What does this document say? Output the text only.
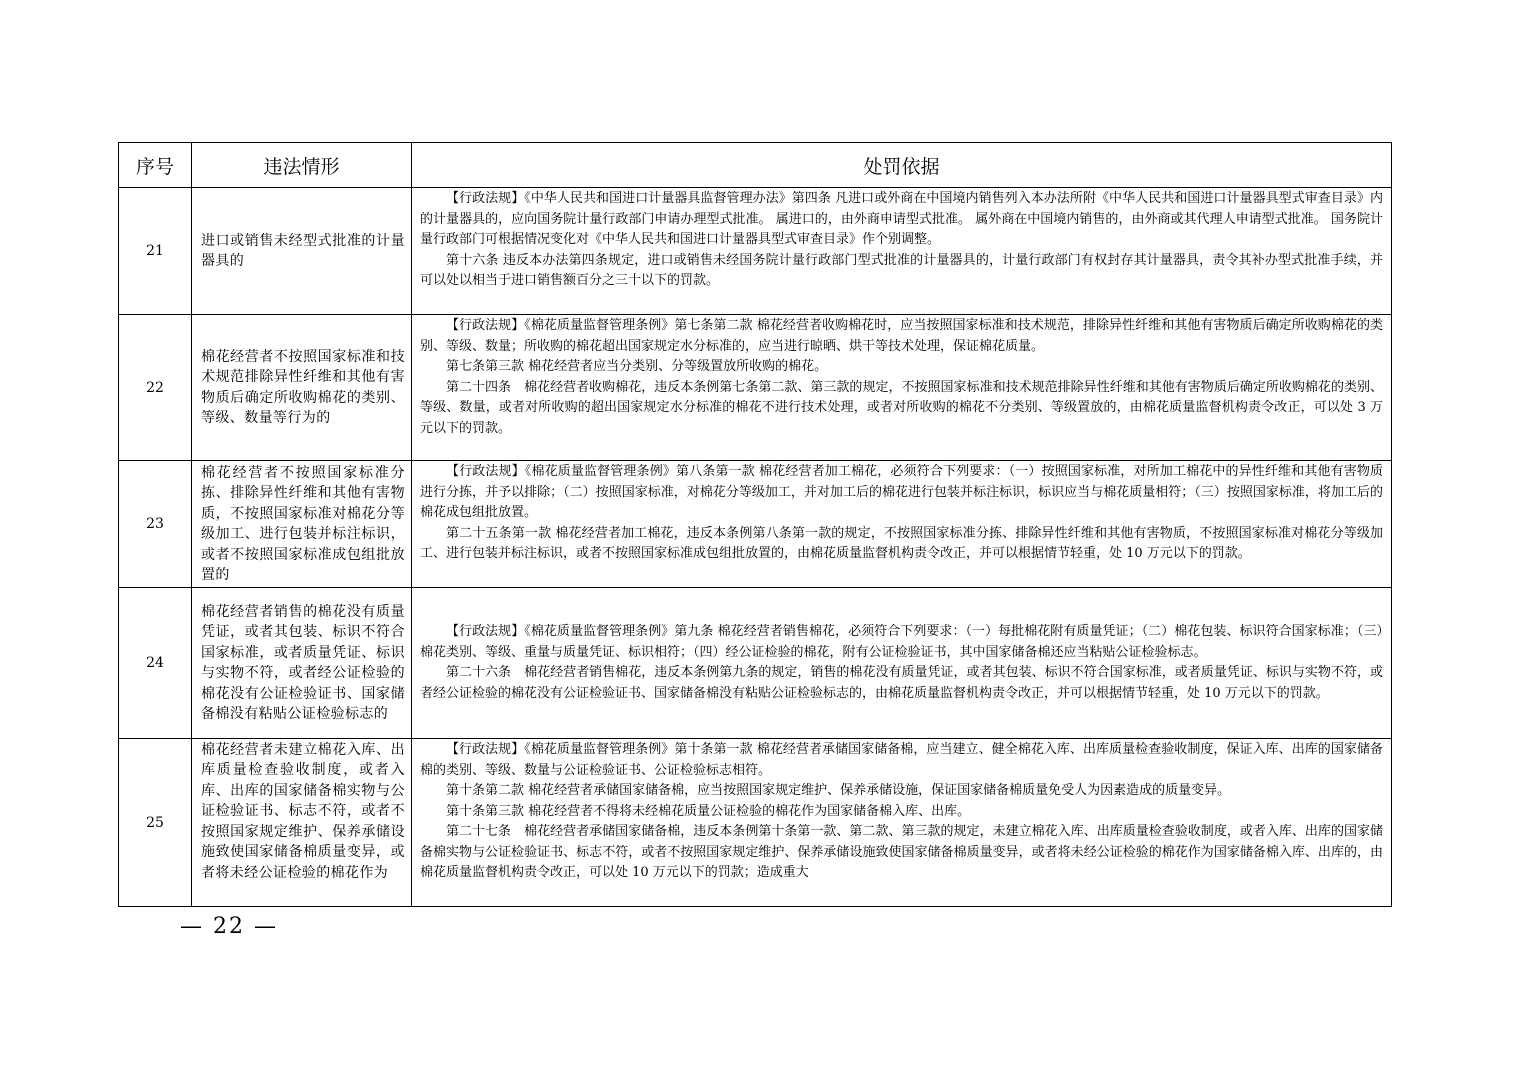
序号	违法情形	处罚依据
21	进口或销售未经型式批准的计量器具的	【行政法规】《中华人民共和国进口计量器具监督管理办法》第四条 凡进口或外商在中国境内销售列入本办法所附《中华人民共和国进口计量器具型式审查目录》内的计量器具的，应向国务院计量行政部门申请办理型式批准。 属进口的，由外商申请型式批准。 属外商在中国境内销售的，由外商或其代理人申请型式批准。 国务院计量行政部门可根据情况变化对《中华人民共和国进口计量器具型式审查目录》作个别调整。

第十六条 违反本办法第四条规定，进口或销售未经国务院计量行政部门型式批准的计量器具的，计量行政部门有权封存其计量器具，责令其补办型式批准手续，并可以处以相当于进口销售额百分之三十以下的罚款。

22	棉花经营者不按照国家标准和技术规范排除异性纤维和其他有害物质后确定所收购棉花的类别、等级、数量等行为的	【行政法规】《棉花质量监督管理条例》第七条第二款 棉花经营者收购棉花时，应当按照国家标准和技术规范，排除异性纤维和其他有害物质后确定所收购棉花的类别、等级、数量；所收购的棉花超出国家规定水分标准的，应当进行晾晒、烘干等技术处理，保证棉花质量。

第七条第三款 棉花经营者应当分类别、分等级置放所收购的棉花。

第二十四条　棉花经营者收购棉花，违反本条例第七条第二款、第三款的规定，不按照国家标准和技术规范排除异性纤维和其他有害物质后确定所收购棉花的类别、等级、数量，或者对所收购的超出国家规定水分标准的棉花不进行技术处理，或者对所收购的棉花不分类别、等级置放的，由棉花质量监督机构责令改正，可以处 3 万元以下的罚款。

23	棉花经营者不按照国家标准分拣、排除异性纤维和其他有害物质，不按照国家标准对棉花分等级加工、进行包装并标注标识，或者不按照国家标准成包组批放置的	【行政法规】《棉花质量监督管理条例》第八条第一款 棉花经营者加工棉花，必须符合下列要求：（一）按照国家标准，对所加工棉花中的异性纤维和其他有害物质进行分拣，并予以排除；（二）按照国家标准，对棉花分等级加工，并对加工后的棉花进行包装并标注标识，标识应当与棉花质量相符；（三）按照国家标准，将加工后的棉花成包组批放置。

第二十五条第一款 棉花经营者加工棉花，违反本条例第八条第一款的规定，不按照国家标准分拣、排除异性纤维和其他有害物质，不按照国家标准对棉花分等级加工、进行包装并标注标识，或者不按照国家标准成包组批放置的，由棉花质量监督机构责令改正，并可以根据情节轻重，处 10 万元以下的罚款。

24	棉花经营者销售的棉花没有质量凭证，或者其包装、标识不符合国家标准，或者质量凭证、标识与实物不符，或者经公证检验的棉花没有公证检验证书、国家储备棉没有粘贴公证检验标志的	【行政法规】《棉花质量监督管理条例》第九条 棉花经营者销售棉花，必须符合下列要求：（一）每批棉花附有质量凭证；（二）棉花包装、标识符合国家标准；（三）棉花类别、等级、重量与质量凭证、标识相符；（四）经公证检验的棉花，附有公证检验证书，其中国家储备棉还应当粘贴公证检验标志。

第二十六条　棉花经营者销售棉花，违反本条例第九条的规定，销售的棉花没有质量凭证，或者其包装、标识不符合国家标准，或者质量凭证、标识与实物不符，或者经公证检验的棉花没有公证检验证书、国家储备棉没有粘贴公证检验标志的，由棉花质量监督机构责令改正，并可以根据情节轻重，处 10 万元以下的罚款。

25	棉花经营者未建立棉花入库、出库质量检查验收制度，或者入库、出库的国家储备棉实物与公证检验证书、标志不符，或者不按照国家规定维护、保养承储设施致使国家储备棉质量变异，或者将未经公证检验的棉花作为	【行政法规】《棉花质量监督管理条例》第十条第一款 棉花经营者承储国家储备棉，应当建立、健全棉花入库、出库质量检查验收制度，保证入库、出库的国家储备棉的类别、等级、数量与公证检验证书、公证检验标志相符。

第十条第二款 棉花经营者承储国家储备棉，应当按照国家规定维护、保养承储设施，保证国家储备棉质量免受人为因素造成的质量变异。

第十条第三款 棉花经营者不得将未经棉花质量公证检验的棉花作为国家储备棉入库、出库。

第二十七条　棉花经营者承储国家储备棉，违反本条例第十条第一款、第二款、第三款的规定，未建立棉花入库、出库质量检查验收制度，或者入库、出库的国家储备棉实物与公证检验证书、标志不符，或者不按照国家规定维护、保养承储设施致使国家储备棉质量变异，或者将未经公证检验的棉花作为国家储备棉入库、出库的，由棉花质量监督机构责令改正，可以处 10 万元以下的罚款；造成重大

— 22 —
